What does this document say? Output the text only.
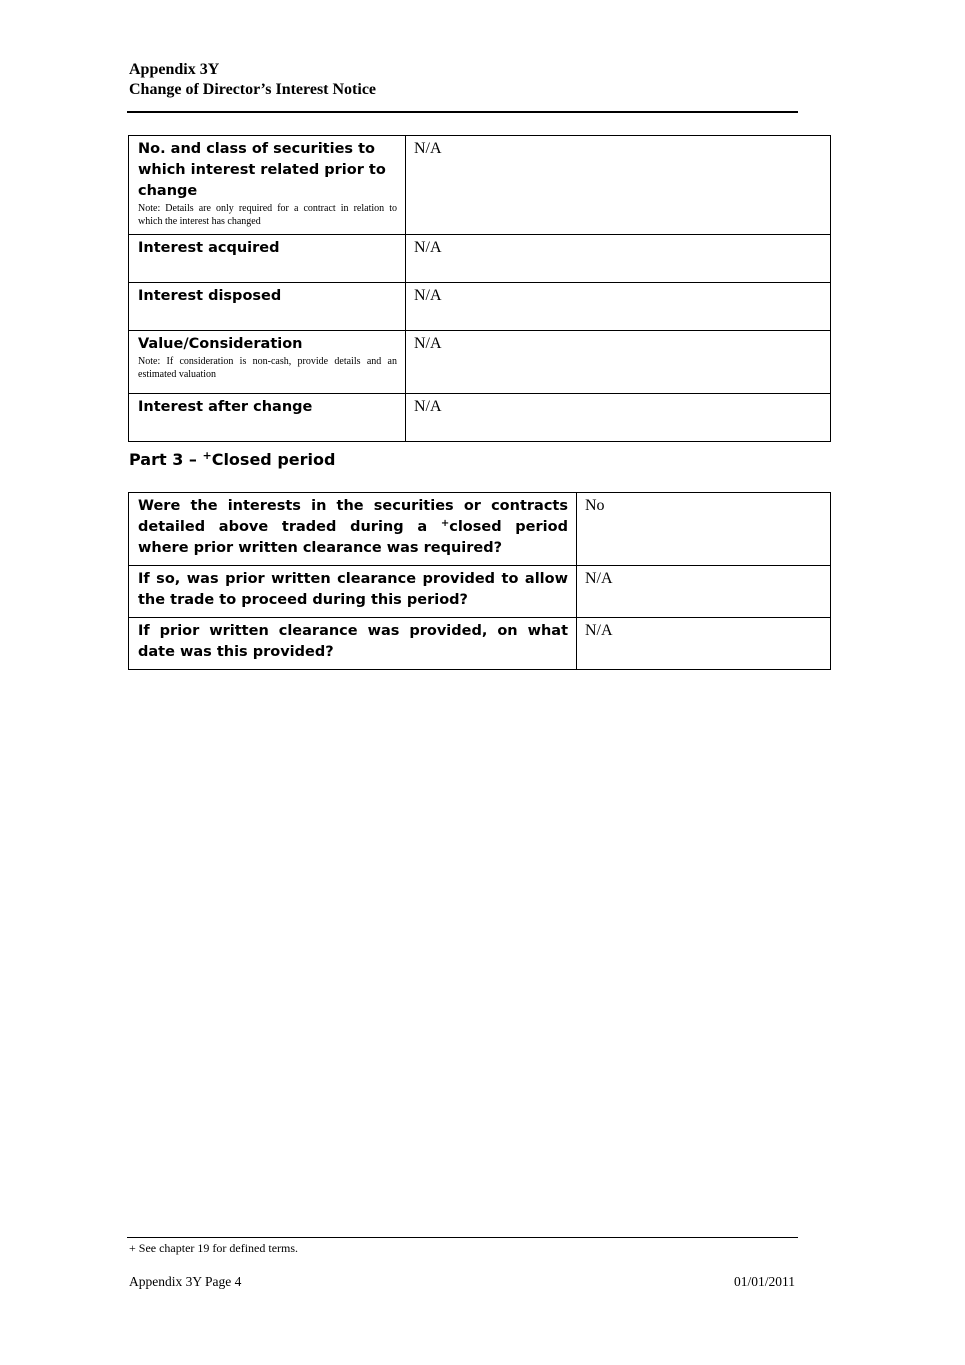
Appendix 3Y
Change of Director’s Interest Notice
No. and class of securities to which interest related prior to change
Note: Details are only required for a contract in relation to which the interest has changed	N/A
Interest acquired	N/A
Interest disposed	N/A
Value/Consideration
Note: If consideration is non-cash, provide details and an estimated valuation	N/A
Interest after change	N/A
Part 3 – +Closed period
Were the interests in the securities or contracts detailed above traded during a +closed period where prior written clearance was required?	No

If so, was prior written clearance provided to allow the trade to proceed during this period?	N/A

If prior written clearance was provided, on what date was this provided?	N/A
+ See chapter 19 for defined terms.
Appendix 3Y Page 4	01/01/2011
